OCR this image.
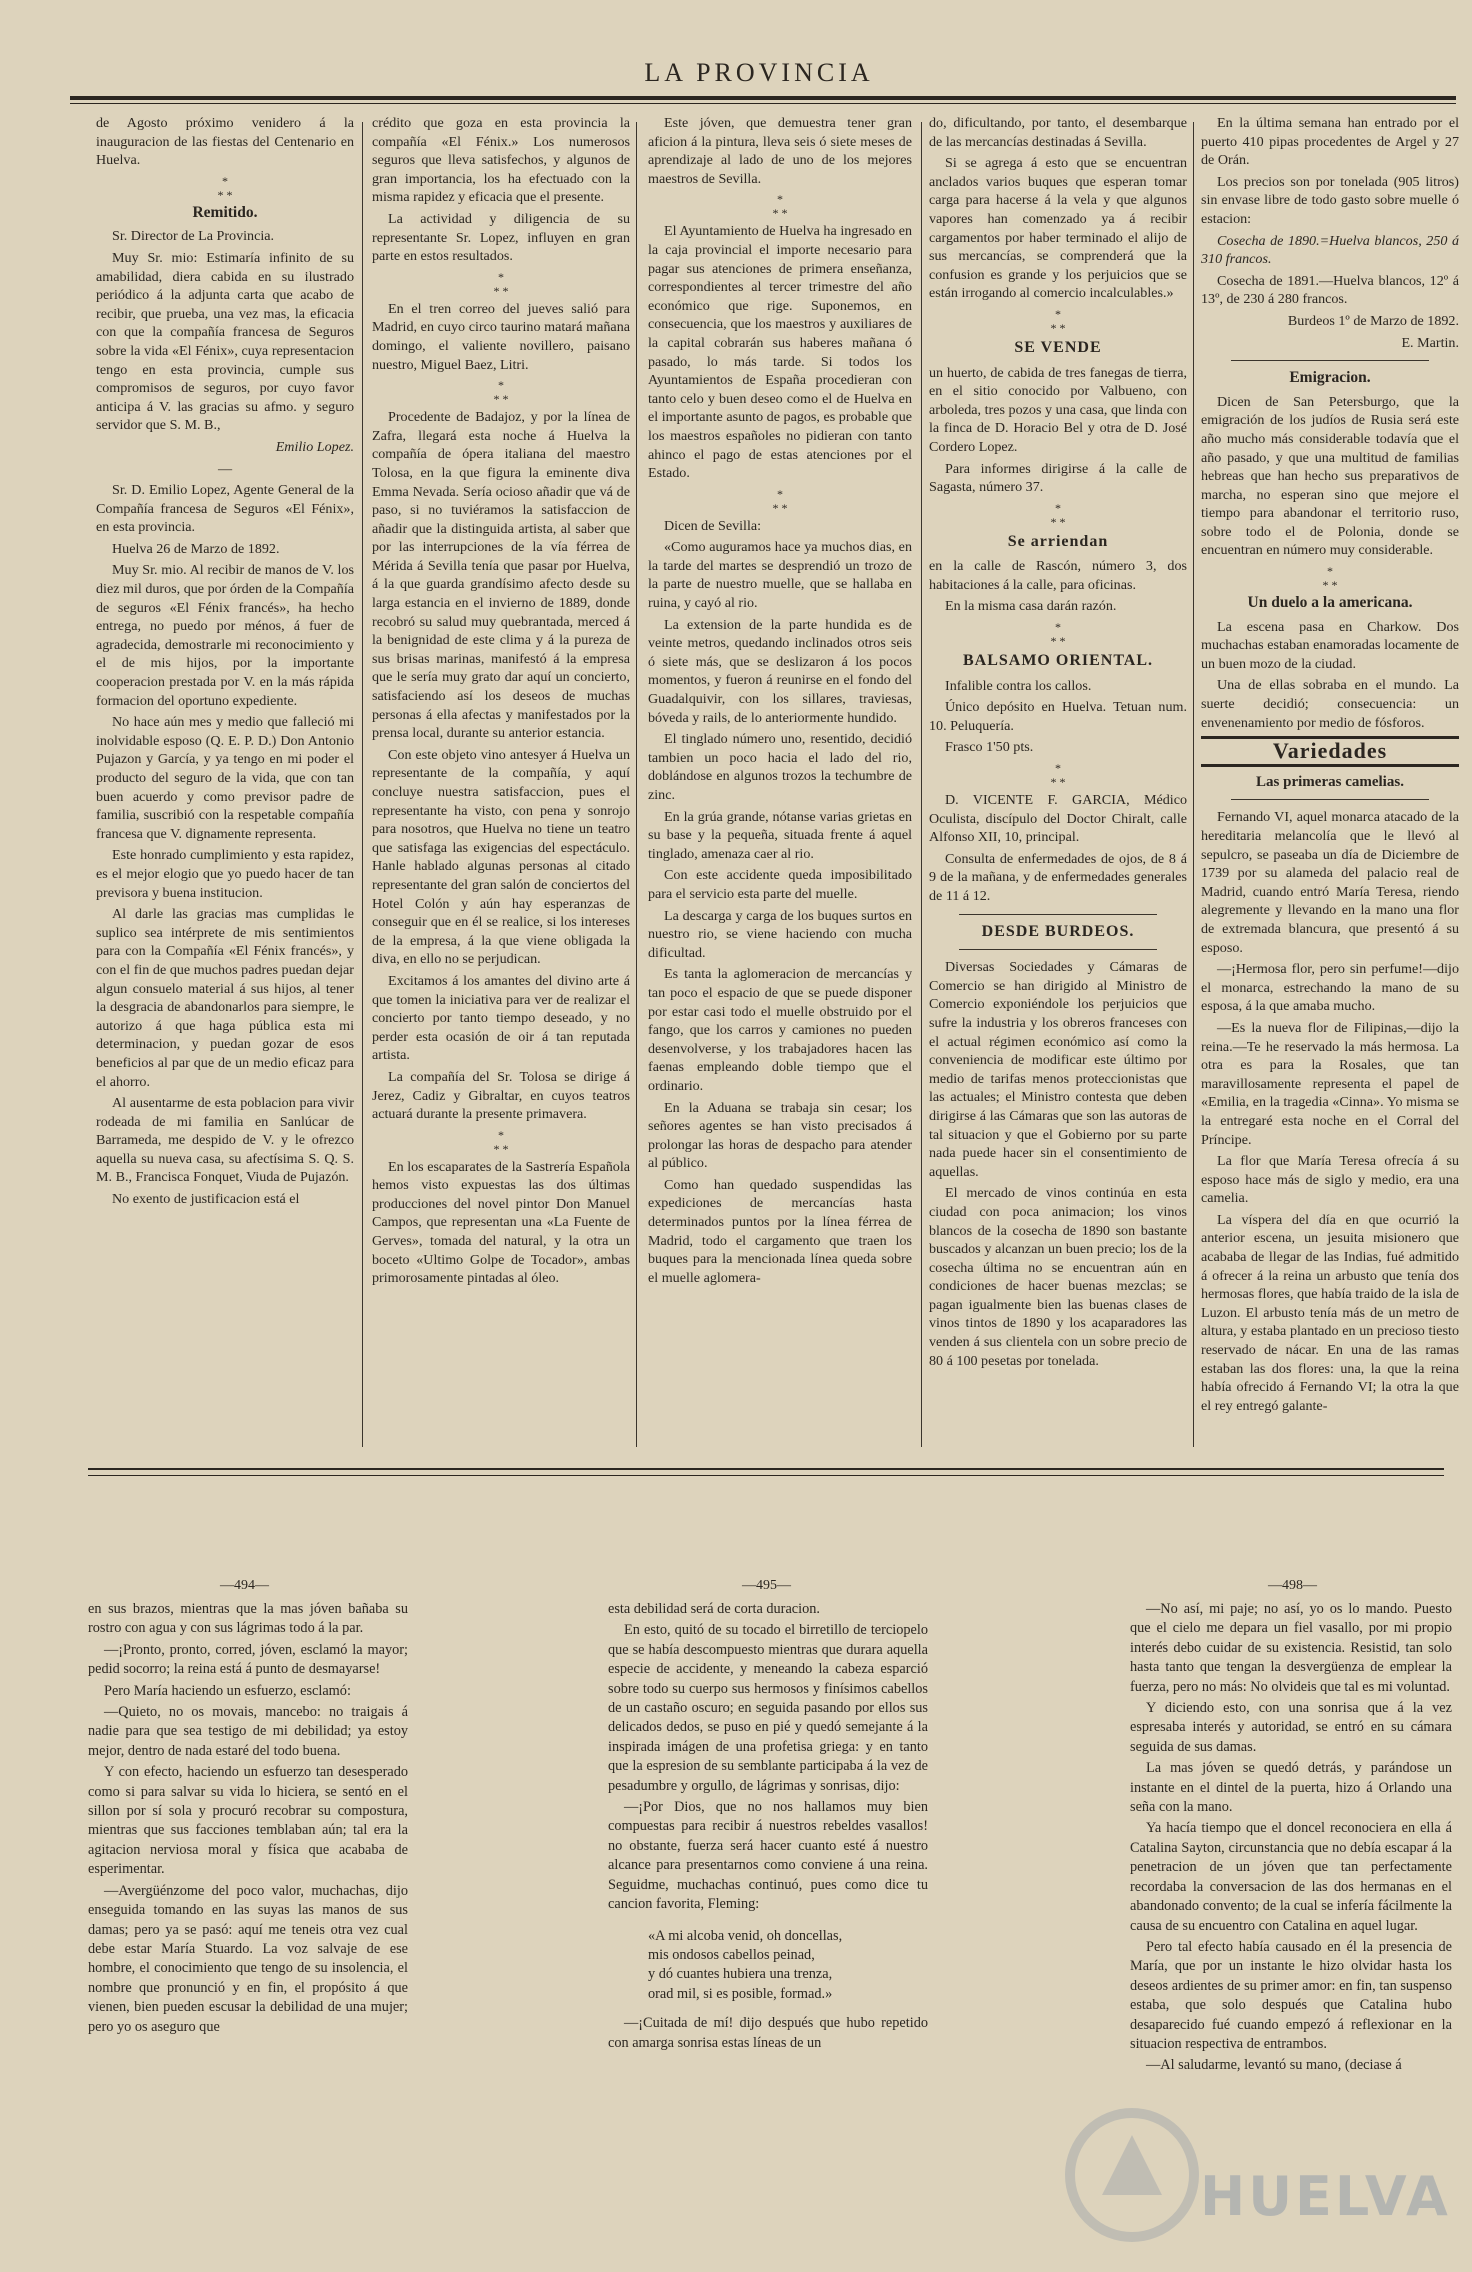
LA PROVINCIA

de Agosto próximo venidero á la inauguracion de las fiestas del Centenario en Huelva.

*
* *
Remitido.

Sr. Director de La Provincia.

Muy Sr. mio: Estimaría infinito de su amabilidad, diera cabida en su ilustrado periódico á la adjunta carta que acabo de recibir, que prueba, una vez mas, la eficacia con que la compañía francesa de Seguros sobre la vida «El Fénix», cuya representacion tengo en esta provincia, cumple sus compromisos de seguros, por cuyo favor anticipa á V. las gracias su afmo. y seguro servidor que S. M. B.,

Emilio Lopez.

—

Sr. D. Emilio Lopez, Agente General de la Compañía francesa de Seguros «El Fénix», en esta provincia.

Huelva 26 de Marzo de 1892.

Muy Sr. mio. Al recibir de manos de V. los diez mil duros, que por órden de la Compañía de seguros «El Fénix francés», ha hecho entrega, no puedo por ménos, á fuer de agradecida, demostrarle mi reconocimiento y el de mis hijos, por la importante cooperacion prestada por V. en la más rápida formacion del oportuno expediente.

No hace aún mes y medio que falleció mi inolvidable esposo (Q. E. P. D.) Don Antonio Pujazon y García, y ya tengo en mi poder el producto del seguro de la vida, que con tan buen acuerdo y como previsor padre de familia, suscribió con la respetable compañía francesa que V. dignamente representa.

Este honrado cumplimiento y esta rapidez, es el mejor elogio que yo puedo hacer de tan previsora y buena institucion.

Al darle las gracias mas cumplidas le suplico sea intérprete de mis sentimientos para con la Compañía «El Fénix francés», y con el fin de que muchos padres puedan dejar algun consuelo material á sus hijos, al tener la desgracia de abandonarlos para siempre, le autorizo á que haga pública esta mi determinacion, y puedan gozar de esos beneficios al par que de un medio eficaz para el ahorro.

Al ausentarme de esta poblacion para vivir rodeada de mi familia en Sanlúcar de Barrameda, me despido de V. y le ofrezco aquella su nueva casa, su afectísima S. Q. S. M. B., Francisca Fonquet, Viuda de Pujazón.

No exento de justificacion está el

crédito que goza en esta provincia la compañía «El Fénix.» Los numerosos seguros que lleva satisfechos, y algunos de gran importancia, los ha efectuado con la misma rapidez y eficacia que el presente.

La actividad y diligencia de su representante Sr. Lopez, influyen en gran parte en estos resultados.

*
* *

En el tren correo del jueves salió para Madrid, en cuyo circo taurino matará mañana domingo, el valiente novillero, paisano nuestro, Miguel Baez, Litri.

*
* *

Procedente de Badajoz, y por la línea de Zafra, llegará esta noche á Huelva la compañía de ópera italiana del maestro Tolosa, en la que figura la eminente diva Emma Nevada. Sería ocioso añadir que vá de paso, si no tuviéramos la satisfaccion de añadir que la distinguida artista, al saber que por las interrupciones de la vía férrea de Mérida á Sevilla tenía que pasar por Huelva, á la que guarda grandísimo afecto desde su larga estancia en el invierno de 1889, donde recobró su salud muy quebrantada, merced á la benignidad de este clima y á la pureza de sus brisas marinas, manifestó á la empresa que le sería muy grato dar aquí un concierto, satisfaciendo así los deseos de muchas personas á ella afectas y manifestados por la prensa local, durante su anterior estancia.

Con este objeto vino antesyer á Huelva un representante de la compañía, y aquí concluye nuestra satisfaccion, pues el representante ha visto, con pena y sonrojo para nosotros, que Huelva no tiene un teatro que satisfaga las exigencias del espectáculo. Hanle hablado algunas personas al citado representante del gran salón de conciertos del Hotel Colón y aún hay esperanzas de conseguir que en él se realice, si los intereses de la empresa, á la que viene obligada la diva, en ello no se perjudican.

Excitamos á los amantes del divino arte á que tomen la iniciativa para ver de realizar el concierto por tanto tiempo deseado, y no perder esta ocasión de oir á tan reputada artista.

La compañía del Sr. Tolosa se dirige á Jerez, Cadiz y Gibraltar, en cuyos teatros actuará durante la presente primavera.

*
* *

En los escaparates de la Sastrería Española hemos visto expuestas las dos últimas producciones del novel pintor Don Manuel Campos, que representan una «La Fuente de Gerves», tomada del natural, y la otra un boceto «Ultimo Golpe de Tocador», ambas primorosamente pintadas al óleo.

Este jóven, que demuestra tener gran aficion á la pintura, lleva seis ó siete meses de aprendizaje al lado de uno de los mejores maestros de Sevilla.

*
* *

El Ayuntamiento de Huelva ha ingresado en la caja provincial el importe necesario para pagar sus atenciones de primera enseñanza, correspondientes al tercer trimestre del año económico que rige. Suponemos, en consecuencia, que los maestros y auxiliares de la capital cobrarán sus haberes mañana ó pasado, lo más tarde. Si todos los Ayuntamientos de España procedieran con tanto celo y buen deseo como el de Huelva en el importante asunto de pagos, es probable que los maestros españoles no pidieran con tanto ahinco el pago de estas atenciones por el Estado.

*
* *

Dicen de Sevilla:

«Como auguramos hace ya muchos dias, en la tarde del martes se desprendió un trozo de la parte de nuestro muelle, que se hallaba en ruina, y cayó al rio.

La extension de la parte hundida es de veinte metros, quedando inclinados otros seis ó siete más, que se deslizaron á los pocos momentos, y fueron á reunirse en el fondo del Guadalquivir, con los sillares, traviesas, bóveda y rails, de lo anteriormente hundido.

El tinglado número uno, resentido, decidió tambien un poco hacia el lado del rio, doblándose en algunos trozos la techumbre de zinc.

En la grúa grande, nótanse varias grietas en su base y la pequeña, situada frente á aquel tinglado, amenaza caer al rio.

Con este accidente queda imposibilitado para el servicio esta parte del muelle.

La descarga y carga de los buques surtos en nuestro rio, se viene haciendo con mucha dificultad.

Es tanta la aglomeracion de mercancías y tan poco el espacio de que se puede disponer por estar casi todo el muelle obstruido por el fango, que los carros y camiones no pueden desenvolverse, y los trabajadores hacen las faenas empleando doble tiempo que el ordinario.

En la Aduana se trabaja sin cesar; los señores agentes se han visto precisados á prolongar las horas de despacho para atender al público.

Como han quedado suspendidas las expediciones de mercancías hasta determinados puntos por la línea férrea de Madrid, todo el cargamento que traen los buques para la mencionada línea queda sobre el muelle aglomera-

do, dificultando, por tanto, el desembarque de las mercancías destinadas á Sevilla.

Si se agrega á esto que se encuentran anclados varios buques que esperan tomar carga para hacerse á la vela y que algunos vapores han comenzado ya á recibir cargamentos por haber terminado el alijo de sus mercancías, se comprenderá que la confusion es grande y los perjuicios que se están irrogando al comercio incalculables.»

*
* *
SE VENDE

un huerto, de cabida de tres fanegas de tierra, en el sitio conocido por Valbueno, con arboleda, tres pozos y una casa, que linda con la finca de D. Horacio Bel y otra de D. José Cordero Lopez.

Para informes dirigirse á la calle de Sagasta, número 37.

*
* *
Se arriendan

en la calle de Rascón, número 3, dos habitaciones á la calle, para oficinas.

En la misma casa darán razón.

*
* *
BALSAMO ORIENTAL.

Infalible contra los callos.

Único depósito en Huelva. Tetuan num. 10. Peluquería.

Frasco 1'50 pts.

*
* *

D. VICENTE F. GARCIA, Médico Oculista, discípulo del Doctor Chiralt, calle Alfonso XII, 10, principal.

Consulta de enfermedades de ojos, de 8 á 9 de la mañana, y de enfermedades generales de 11 á 12.

DESDE BURDEOS.

Diversas Sociedades y Cámaras de Comercio se han dirigido al Ministro de Comercio exponiéndole los perjuicios que sufre la industria y los obreros franceses con el actual régimen económico así como la conveniencia de modificar este último por medio de tarifas menos proteccionistas que las actuales; el Ministro contesta que deben dirigirse á las Cámaras que son las autoras de tal situacion y que el Gobierno por su parte nada puede hacer sin el consentimiento de aquellas.

El mercado de vinos continúa en esta ciudad con poca animacion; los vinos blancos de la cosecha de 1890 son bastante buscados y alcanzan un buen precio; los de la cosecha última no se encuentran aún en condiciones de hacer buenas mezclas; se pagan igualmente bien las buenas clases de vinos tintos de 1890 y los acaparadores las venden á sus clientela con un sobre precio de 80 á 100 pesetas por tonelada.

En la última semana han entrado por el puerto 410 pipas procedentes de Argel y 27 de Orán.

Los precios son por tonelada (905 litros) sin envase libre de todo gasto sobre muelle ó estacion:

Cosecha de 1890.=Huelva blancos, 250 á 310 francos.

Cosecha de 1891.—Huelva blancos, 12º á 13º, de 230 á 280 francos.

Burdeos 1º de Marzo de 1892.

E. Martin.

Emigracion.

Dicen de San Petersburgo, que la emigración de los judíos de Rusia será este año mucho más considerable todavía que el año pasado, y que una multitud de familias hebreas que han hecho sus preparativos de marcha, no esperan sino que mejore el tiempo para abandonar el territorio ruso, sobre todo el de Polonia, donde se encuentran en número muy considerable.

*
* *
Un duelo a la americana.

La escena pasa en Charkow. Dos muchachas estaban enamoradas locamente de un buen mozo de la ciudad.

Una de ellas sobraba en el mundo. La suerte decidió; consecuencia: un envenenamiento por medio de fósforos.

Variedades
Las primeras camelias.

Fernando VI, aquel monarca atacado de la hereditaria melancolía que le llevó al sepulcro, se paseaba un día de Diciembre de 1739 por su alameda del palacio real de Madrid, cuando entró María Teresa, riendo alegremente y llevando en la mano una flor de extremada blancura, que presentó á su esposo.

—¡Hermosa flor, pero sin perfume!—dijo el monarca, estrechando la mano de su esposa, á la que amaba mucho.

—Es la nueva flor de Filipinas,—dijo la reina.—Te he reservado la más hermosa. La otra es para la Rosales, que tan maravillosamente representa el papel de «Emilia, en la tragedia «Cinna». Yo misma se la entregaré esta noche en el Corral del Príncipe.

La flor que María Teresa ofrecía á su esposo hace más de siglo y medio, era una camelia.

La víspera del día en que ocurrió la anterior escena, un jesuita misionero que acababa de llegar de las Indias, fué admitido á ofrecer á la reina un arbusto que tenía dos hermosas flores, que había traido de la isla de Luzon. El arbusto tenía más de un metro de altura, y estaba plantado en un precioso tiesto reservado de nácar. En una de las ramas estaban las dos flores: una, la que la reina había ofrecido á Fernando VI; la otra la que el rey entregó galante-

—494—	—495—	—498—

en sus brazos, mientras que la mas jóven bañaba su rostro con agua y con sus lágrimas todo á la par.

—¡Pronto, pronto, corred, jóven, esclamó la mayor; pedid socorro; la reina está á punto de desmayarse!

Pero María haciendo un esfuerzo, esclamó:

—Quieto, no os movais, mancebo: no traigais á nadie para que sea testigo de mi debilidad; ya estoy mejor, dentro de nada estaré del todo buena.

Y con efecto, haciendo un esfuerzo tan desesperado como si para salvar su vida lo hiciera, se sentó en el sillon por sí sola y procuró recobrar su compostura, mientras que sus facciones temblaban aún; tal era la agitacion nerviosa moral y física que acababa de esperimentar.

—Avergüénzome del poco valor, muchachas, dijo enseguida tomando en las suyas las manos de sus damas; pero ya se pasó: aquí me teneis otra vez cual debe estar María Stuardo. La voz salvaje de ese hombre, el conocimiento que tengo de su insolencia, el nombre que pronunció y en fin, el propósito á que vienen, bien pueden escusar la debilidad de una mujer; pero yo os aseguro que

esta debilidad será de corta duracion.

En esto, quitó de su tocado el birretillo de terciopelo que se había descompuesto mientras que durara aquella especie de accidente, y meneando la cabeza esparció sobre todo su cuerpo sus hermosos y finísimos cabellos de un castaño oscuro; en seguida pasando por ellos sus delicados dedos, se puso en pié y quedó semejante á la inspirada imágen de una profetisa griega: y en tanto que la espresion de su semblante participaba á la vez de pesadumbre y orgullo, de lágrimas y sonrisas, dijo:

—¡Por Dios, que no nos hallamos muy bien compuestas para recibir á nuestros rebeldes vasallos! no obstante, fuerza será hacer cuanto esté á nuestro alcance para presentarnos como conviene á una reina. Seguidme, muchachas continuó, pues como dice tu cancion favorita, Fleming:

«A mi alcoba venid, oh doncellas,

mis ondosos cabellos peinad,

y dó cuantes hubiera una trenza,

orad mil, si es posible, formad.»

—¡Cuitada de mí! dijo después que hubo repetido con amarga sonrisa estas líneas de un

—No así, mi paje; no así, yo os lo mando. Puesto que el cielo me depara un fiel vasallo, por mi propio interés debo cuidar de su existencia. Resistid, tan solo hasta tanto que tengan la desvergüenza de emplear la fuerza, pero no más: No olvideis que tal es mi voluntad.

Y diciendo esto, con una sonrisa que á la vez espresaba interés y autoridad, se entró en su cámara seguida de sus damas.

La mas jóven se quedó detrás, y parándose un instante en el dintel de la puerta, hizo á Orlando una seña con la mano.

Ya hacía tiempo que el doncel reconociera en ella á Catalina Sayton, circunstancia que no debía escapar á la penetracion de un jóven que tan perfectamente recordaba la conversacion de las dos hermanas en el abandonado convento; de la cual se infería fácilmente la causa de su encuentro con Catalina en aquel lugar.

Pero tal efecto había causado en él la presencia de María, que por un instante le hizo olvidar hasta los deseos ardientes de su primer amor: en fin, tan suspenso estaba, que solo después que Catalina hubo desaparecido fué cuando empezó á reflexionar en la situacion respectiva de entrambos.

—Al saludarme, levantó su mano, (deciase á

HUELVA
